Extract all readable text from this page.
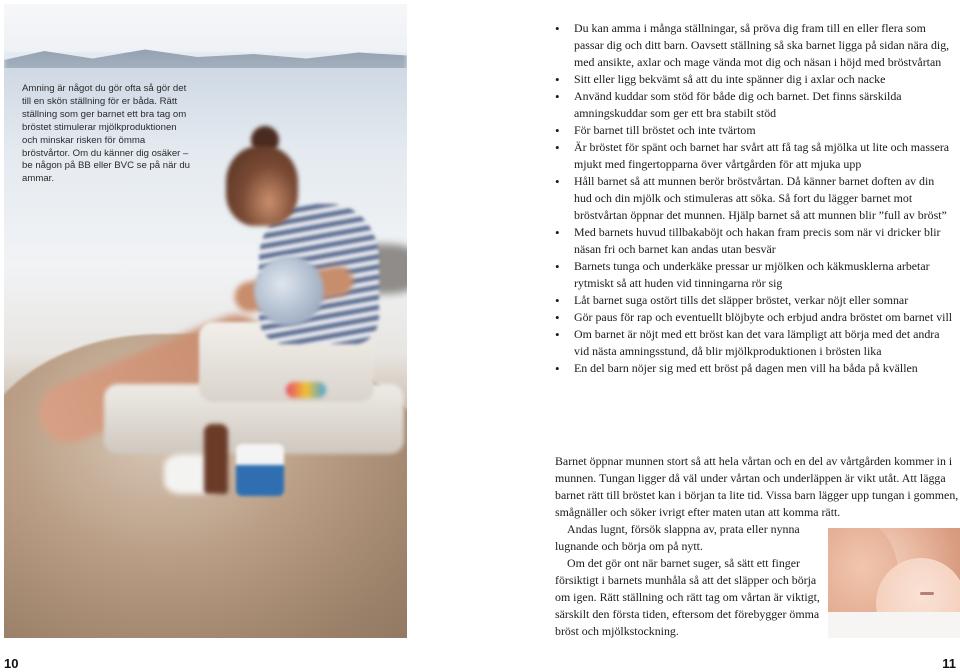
Amning är något du gör ofta så gör det till en skön ställning för er båda. Rätt ställning som ger barnet ett bra tag om bröstet stimulerar mjölkproduktionen och minskar risken för ömma bröstvårtor. Om du känner dig osäker – be någon på BB eller BVC se på när du ammar.

10
• Du kan amma i många ställningar, så pröva dig fram till en eller flera som passar dig och ditt barn. Oavsett ställning så ska barnet ligga på sidan nära dig, med ansikte, axlar och mage vända mot dig och näsan i höjd med bröstvårtan
• Sitt eller ligg bekvämt så att du inte spänner dig i axlar och nacke
• Använd kuddar som stöd för både dig och barnet. Det finns särskilda amningskuddar som ger ett bra stabilt stöd
• För barnet till bröstet och inte tvärtom
• Är bröstet för spänt och barnet har svårt att få tag så mjölka ut lite och massera mjukt med fingertopparna över vårtgården för att mjuka upp
• Håll barnet så att munnen berör bröstvårtan. Då känner barnet doften av din hud och din mjölk och stimuleras att söka. Så fort du lägger barnet mot bröstvårtan öppnar det munnen. Hjälp barnet så att munnen blir ”full av bröst”
• Med barnets huvud tillbakaböjt och hakan fram precis som när vi dricker blir näsan fri och barnet kan andas utan besvär
• Barnets tunga och underkäke pressar ur mjölken och käkmusklerna arbetar rytmiskt så att huden vid tinningarna rör sig
• Låt barnet suga ostört tills det släpper bröstet, verkar nöjt eller somnar
• Gör paus för rap och eventuellt blöjbyte och erbjud andra bröstet om barnet vill
• Om barnet är nöjt med ett bröst kan det vara lämpligt att börja med det andra vid nästa amningsstund, då blir mjölkproduktionen i brösten lika
• En del barn nöjer sig med ett bröst på dagen men vill ha båda på kvällen

Barnet öppnar munnen stort så att hela vårtan och en del av vårtgården kommer in i munnen. Tungan ligger då väl under vårtan och underläppen är vikt utåt. Att lägga barnet rätt till bröstet kan i början ta lite tid. Vissa barn lägger upp tungan i gommen, smågnäller och söker ivrigt efter maten utan att komma rätt.

Andas lugnt, försök slappna av, prata eller nynna lugnande och börja om på nytt.

Om det gör ont när barnet suger, så sätt ett finger försiktigt i barnets munhåla så att det släpper och börja om igen. Rätt ställning och rätt tag om vårtan är viktigt, särskilt den första tiden, eftersom det förebygger ömma bröst och mjölkstockning.

11
